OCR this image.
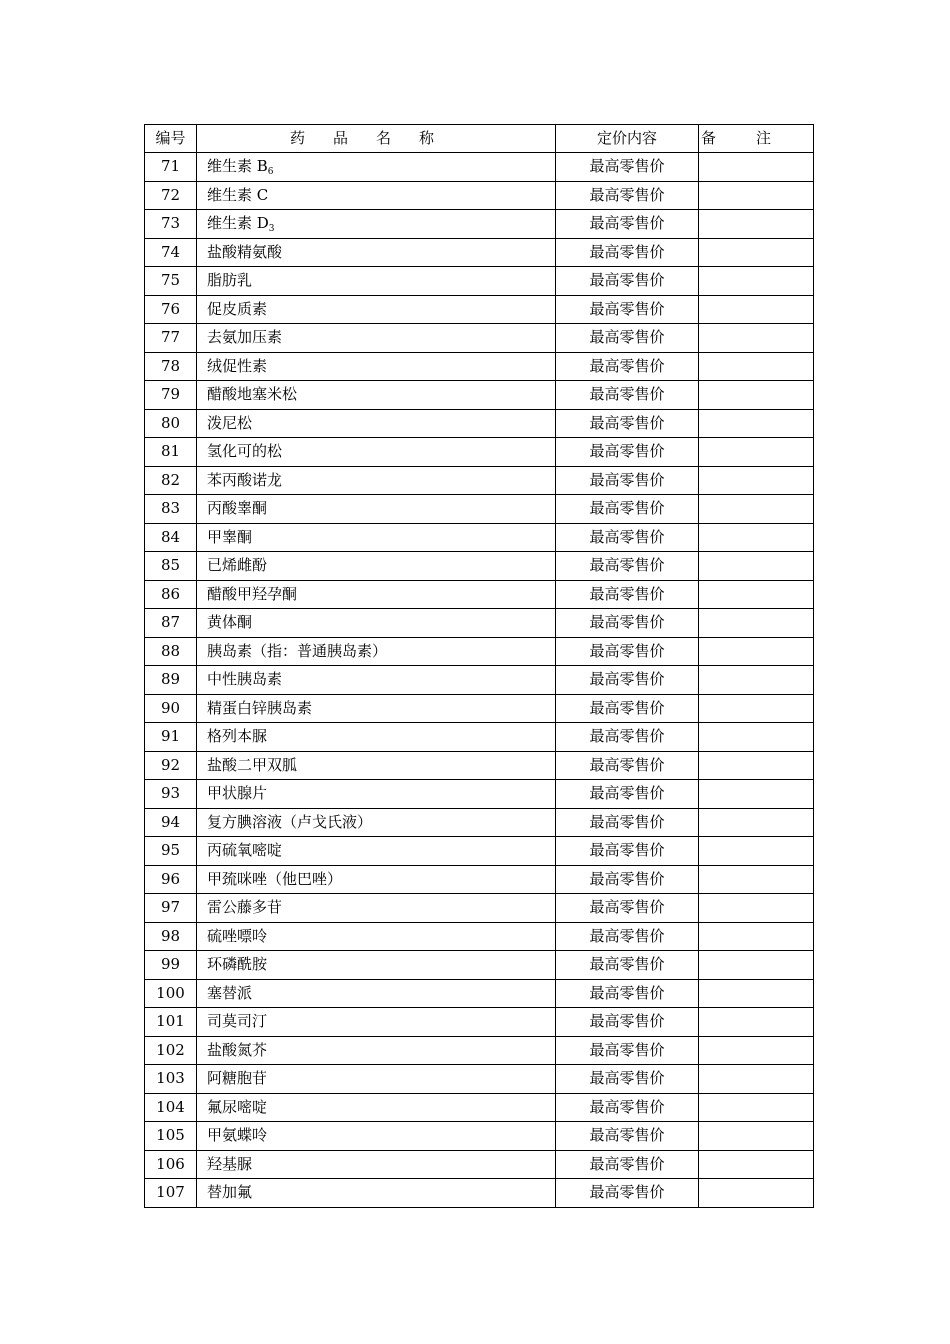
编号	药品名称	定价内容	备注
71	维生素 $B_6$	最高零售价	
72	维生素 C	最高零售价	
73	维生素 $D_3$	最高零售价	
74	盐酸精氨酸	最高零售价	
75	脂肪乳	最高零售价	
76	促皮质素	最高零售价	
77	去氨加压素	最高零售价	
78	绒促性素	最高零售价	
79	醋酸地塞米松	最高零售价	
80	泼尼松	最高零售价	
81	氢化可的松	最高零售价	
82	苯丙酸诺龙	最高零售价	
83	丙酸睾酮	最高零售价	
84	甲睾酮	最高零售价	
85	已烯雌酚	最高零售价	
86	醋酸甲羟孕酮	最高零售价	
87	黄体酮	最高零售价	
88	胰岛素（指：普通胰岛素）	最高零售价	
89	中性胰岛素	最高零售价	
90	精蛋白锌胰岛素	最高零售价	
91	格列本脲	最高零售价	
92	盐酸二甲双胍	最高零售价	
93	甲状腺片	最高零售价	
94	复方腆溶液（卢戈氏液）	最高零售价	
95	丙硫氧嘧啶	最高零售价	
96	甲巯咪唑（他巴唑）	最高零售价	
97	雷公藤多苷	最高零售价	
98	硫唑嘌呤	最高零售价	
99	环磷酰胺	最高零售价	
100	塞替派	最高零售价	
101	司莫司汀	最高零售价	
102	盐酸氮芥	最高零售价	
103	阿糖胞苷	最高零售价	
104	氟尿嘧啶	最高零售价	
105	甲氨蝶呤	最高零售价	
106	羟基脲	最高零售价	
107	替加氟	最高零售价	
